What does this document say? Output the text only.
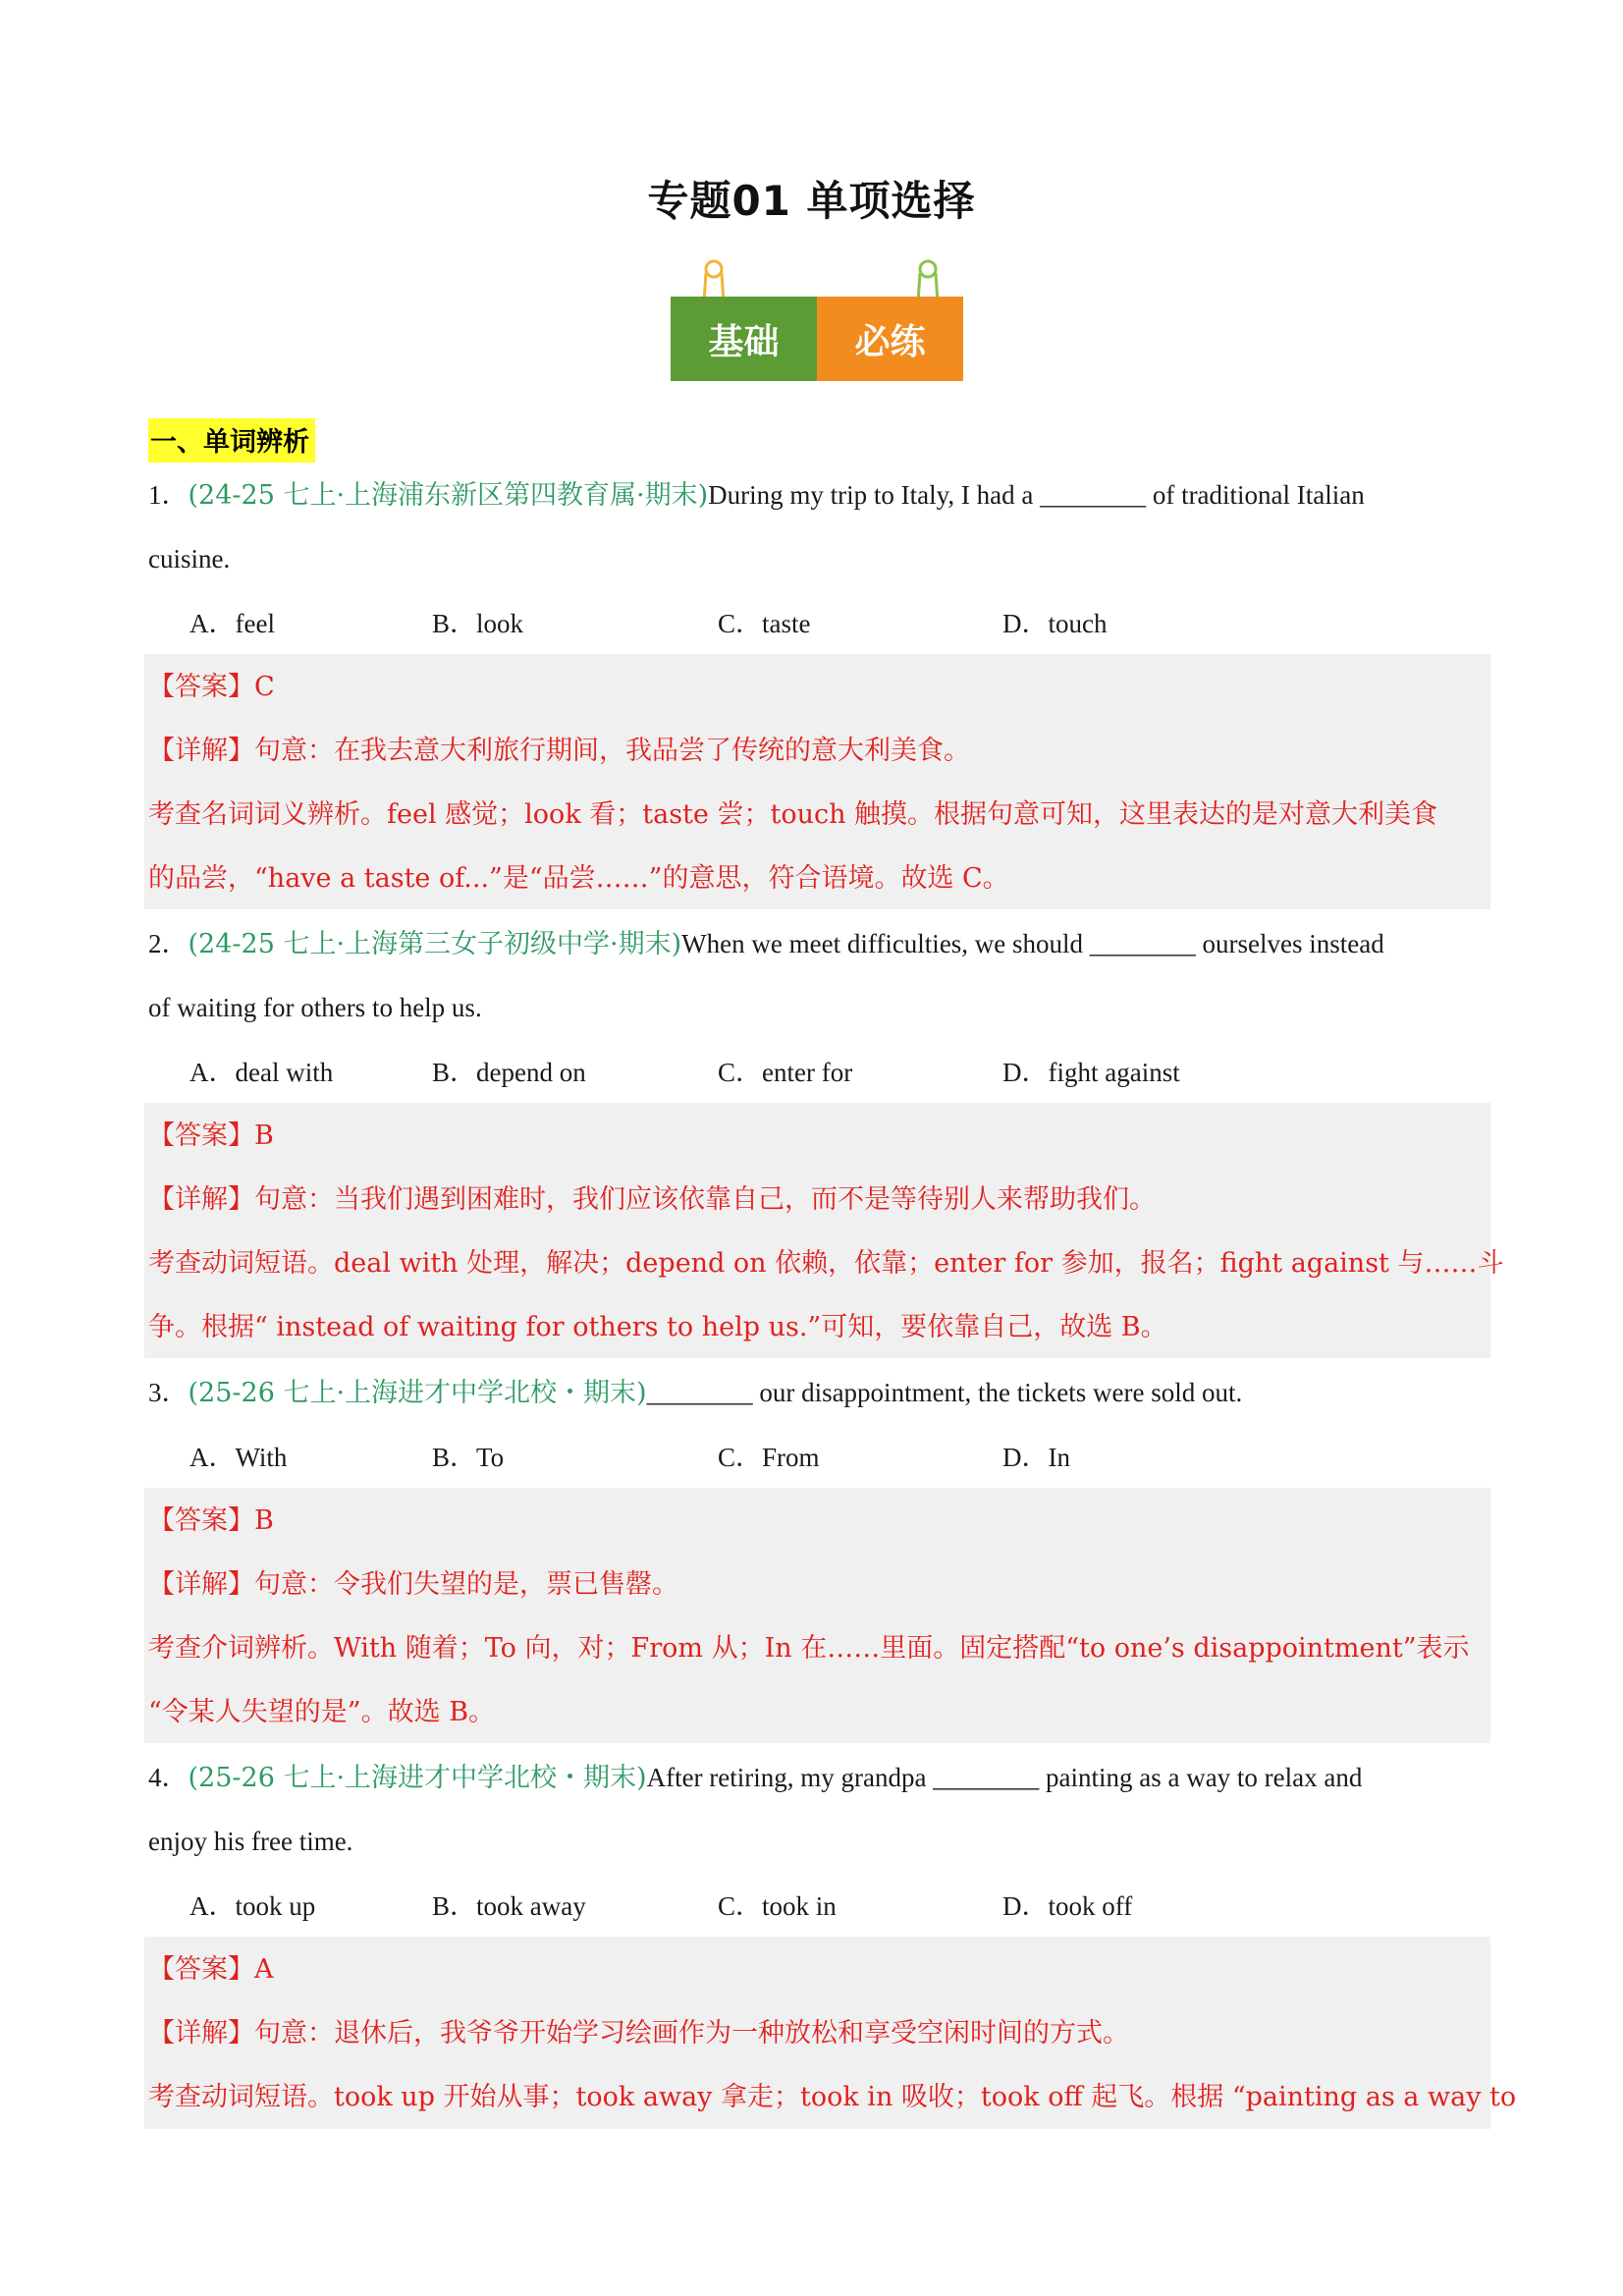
专题01 单项选择
基础	必练
一、单词辨析
1．(24-25 七上·上海浦东新区第四教育属·期末)During my trip to Italy, I had a ________ of traditional Italian
cuisine.
A．feel	B．look	C．taste	D．touch
【答案】C
【详解】句意：在我去意大利旅行期间，我品尝了传统的意大利美食。
考查名词词义辨析。feel 感觉；look 看；taste 尝；touch 触摸。根据句意可知，这里表达的是对意大利美食
的品尝，“have a taste of...”是“品尝……”的意思，符合语境。故选 C。
2．(24-25 七上·上海第三女子初级中学·期末)When we meet difficulties, we should ________ ourselves instead
of waiting for others to help us.
A．deal with	B．depend on	C．enter for	D．fight against
【答案】B
【详解】句意：当我们遇到困难时，我们应该依靠自己，而不是等待别人来帮助我们。
考查动词短语。deal with 处理，解决；depend on 依赖，依靠；enter for 参加，报名；fight against 与……斗
争。根据“ instead of waiting for others to help us.”可知，要依靠自己，故选 B。
3．(25-26 七上·上海进才中学北校・期末)________ our disappointment, the tickets were sold out.
A．With	B．To	C．From	D．In
【答案】B
【详解】句意：令我们失望的是，票已售罄。
考查介词辨析。With 随着；To 向，对；From 从；In 在……里面。固定搭配“to one’s disappointment”表示
“令某人失望的是”。故选 B。
4．(25-26 七上·上海进才中学北校・期末)After retiring, my grandpa ________ painting as a way to relax and
enjoy his free time.
A．took up	B．took away	C．took in	D．took off
【答案】A
【详解】句意：退休后，我爷爷开始学习绘画作为一种放松和享受空闲时间的方式。
考查动词短语。took up 开始从事；took away 拿走；took in 吸收；took off 起飞。根据 “painting as a way to
